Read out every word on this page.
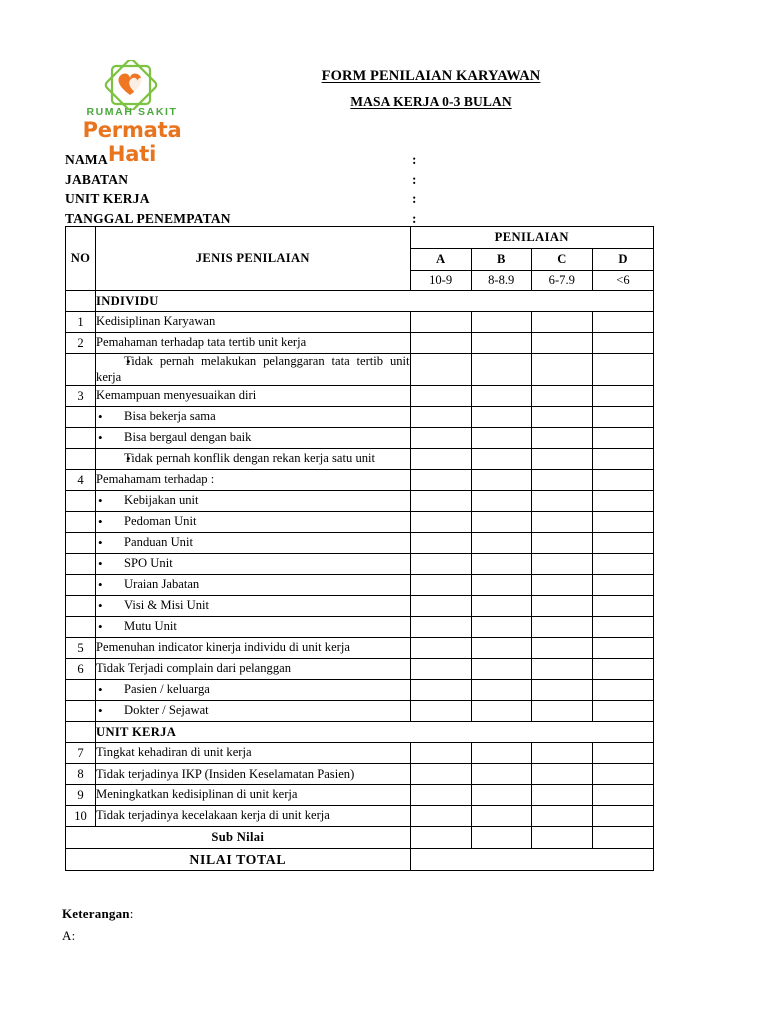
RUMAH SAKIT
Permata Hati
FORM PENILAIAN KARYAWAN
MASA KERJA 0-3 BULAN
NAMA	:
JABATAN	:
UNIT KERJA	:
TANGGAL PENEMPATAN	:
NO	JENIS PENILAIAN	PENILAIAN			
		A	B	C	D
		10-9	8-8.9	6-7.9	<6
	INDIVIDU				
1	Kedisiplinan Karyawan				
2	Pemahaman terhadap tata tertib unit kerja				

	• Tidak pernah melakukan pelanggaran tata tertib unit kerja

3	Kemampuan menyesuaikan diri				

	• Bisa bekerja sama

	• Bisa bergaul dengan baik

	• Tidak pernah konflik dengan rekan kerja satu unit

4	Pemahamam terhadap :				

	• Kebijakan unit

	• Pedoman Unit

	• Panduan Unit

	• SPO Unit

	• Uraian Jabatan

	• Visi & Misi Unit

	• Mutu Unit

5	Pemenuhan indicator kinerja individu di unit kerja				
6	Tidak Terjadi complain dari pelanggan				

	• Pasien / keluarga

	• Dokter / Sejawat

	UNIT KERJA				
7	Tingkat kehadiran di unit kerja				
8	Tidak terjadinya IKP (Insiden Keselamatan Pasien)				
9	Meningkatkan kedisiplinan di unit kerja				
10	Tidak terjadinya kecelakaan kerja di unit kerja				
Sub Nilai					
NILAI TOTAL					
Keterangan:
A:
